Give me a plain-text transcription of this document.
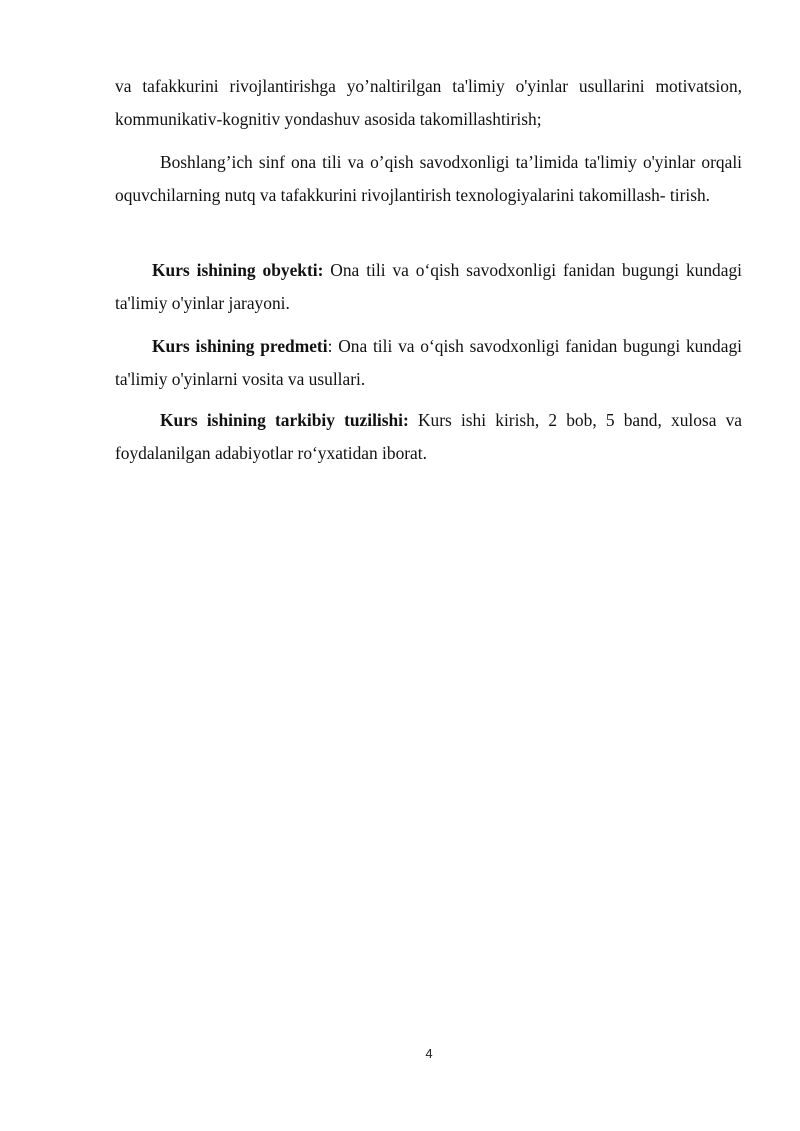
va tafakkurini rivojlantirishga yo’naltirilgan ta'limiy o'yinlar usullarini motivatsion, kommunikativ-kognitiv yondashuv asosida takomillashtirish;

Boshlang’ich sinf ona tili va o’qish savodxonligi ta’limida ta'limiy o'yinlar orqali oquvchilarning nutq va tafakkurini rivojlantirish texnologiyalarini takomillash- tirish.

Kurs ishining obyekti: Ona tili va o‘qish savodxonligi fanidan bugungi kundagi ta'limiy o'yinlar jarayoni.

Kurs ishining predmeti: Ona tili va o‘qish savodxonligi fanidan bugungi kundagi ta'limiy o'yinlarni vosita va usullari.

Kurs ishining tarkibiy tuzilishi: Kurs ishi kirish, 2 bob, 5 band, xulosa va foydalanilgan adabiyotlar ro‘yxatidan iborat.

4
